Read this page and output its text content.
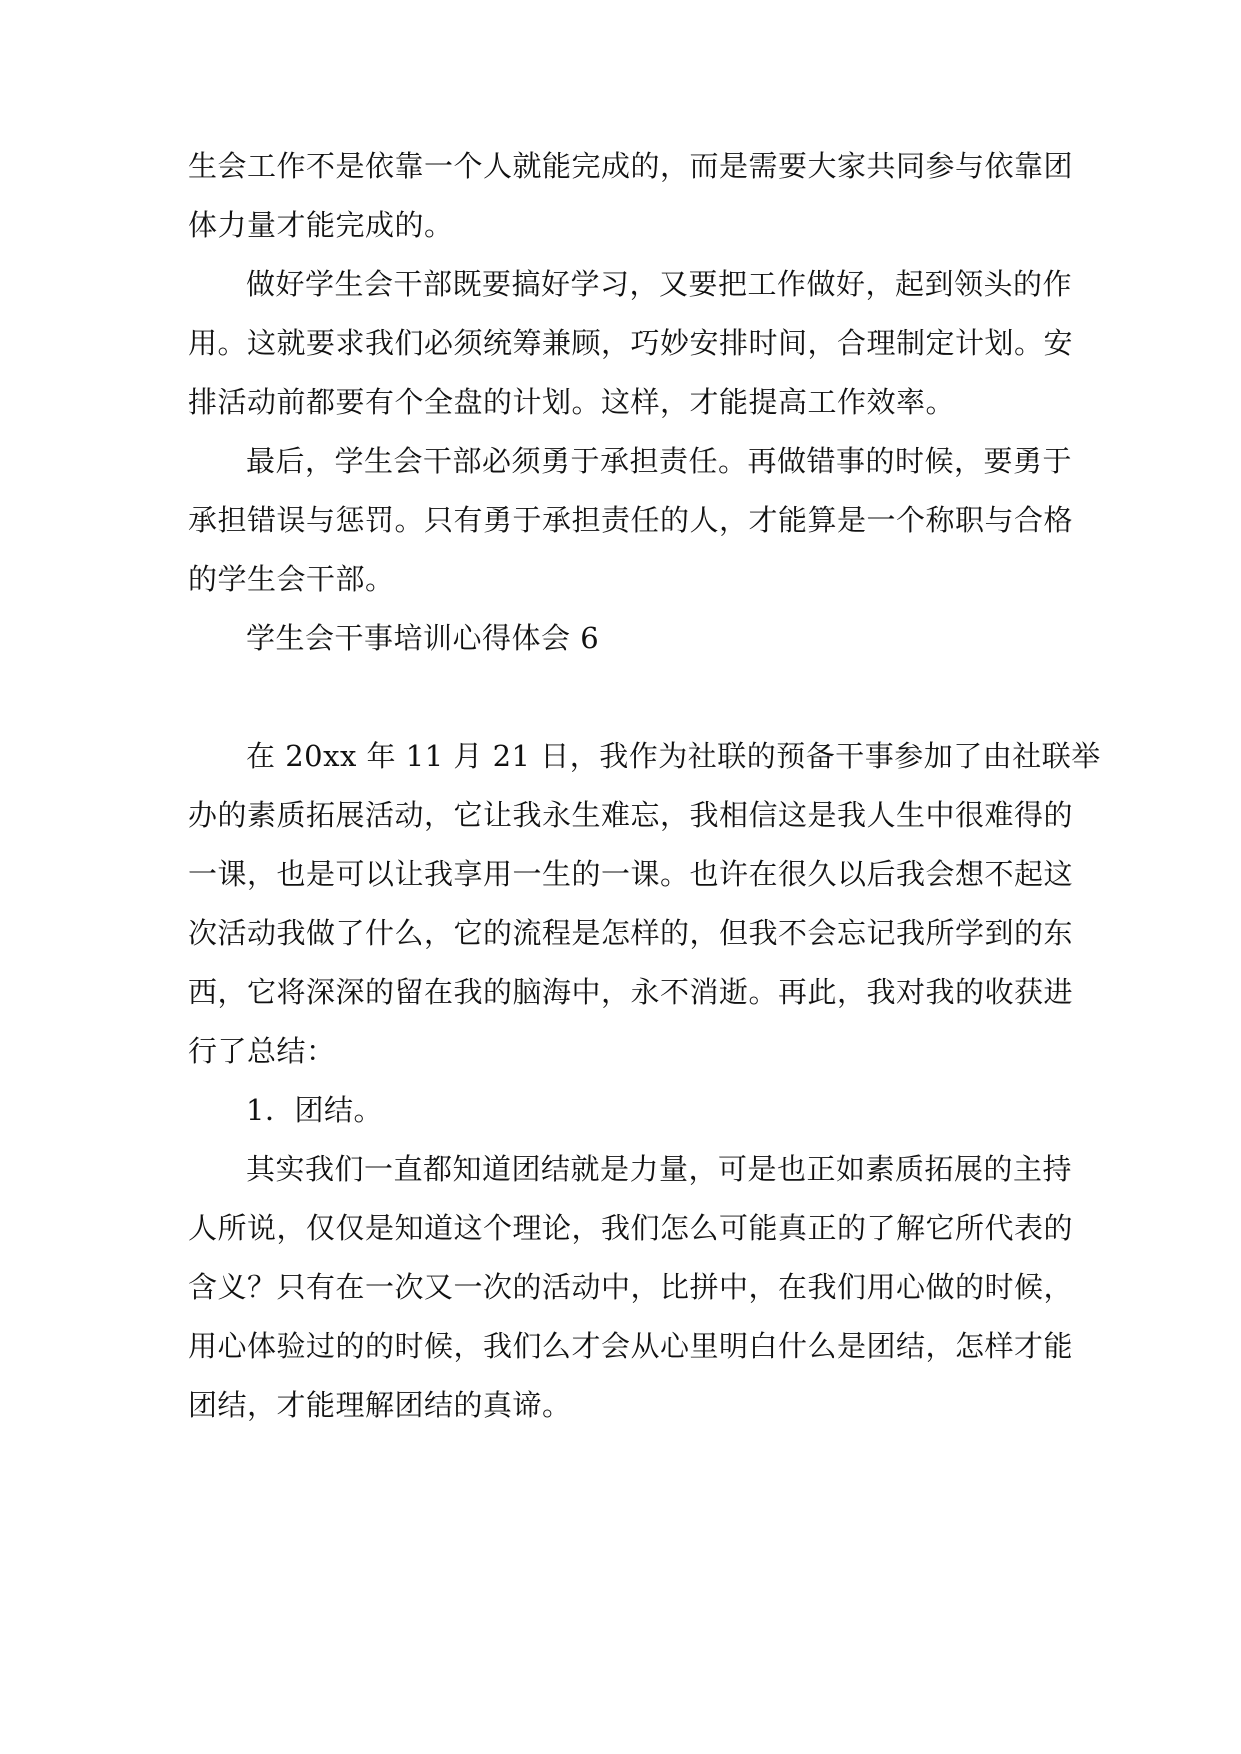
生会工作不是依靠一个人就能完成的，而是需要大家共同参与依靠团
体力量才能完成的。
做好学生会干部既要搞好学习，又要把工作做好，起到领头的作
用。这就要求我们必须统筹兼顾，巧妙安排时间，合理制定计划。安
排活动前都要有个全盘的计划。这样，才能提高工作效率。
最后，学生会干部必须勇于承担责任。再做错事的时候，要勇于
承担错误与惩罚。只有勇于承担责任的人，才能算是一个称职与合格
的学生会干部。
学生会干事培训心得体会 6
在 20xx 年 11 月 21 日，我作为社联的预备干事参加了由社联举
办的素质拓展活动，它让我永生难忘，我相信这是我人生中很难得的
一课，也是可以让我享用一生的一课。也许在很久以后我会想不起这
次活动我做了什么，它的流程是怎样的，但我不会忘记我所学到的东
西，它将深深的留在我的脑海中，永不消逝。再此，我对我的收获进
行了总结：
1．团结。
其实我们一直都知道团结就是力量，可是也正如素质拓展的主持
人所说，仅仅是知道这个理论，我们怎么可能真正的了解它所代表的
含义？只有在一次又一次的活动中，比拼中，在我们用心做的时候，
用心体验过的的时候，我们么才会从心里明白什么是团结，怎样才能
团结，才能理解团结的真谛。
